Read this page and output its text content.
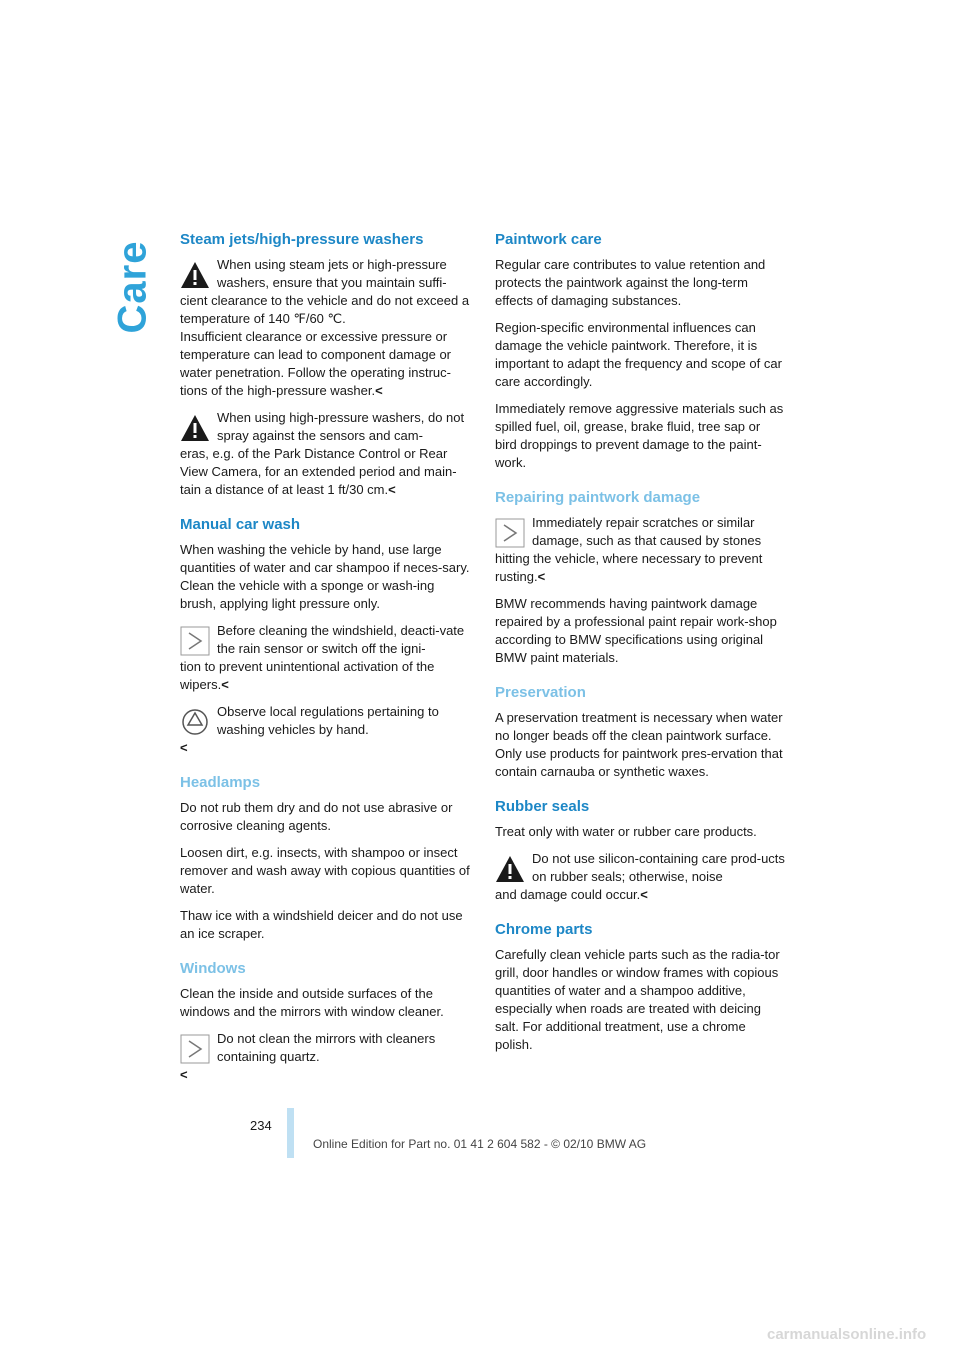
Care
Steam jets/high-pressure washers
When using steam jets or high-pressure washers, ensure that you maintain suffi-
cient clearance to the vehicle and do not exceed a temperature of 140 ℉/60 ℃.
Insufficient clearance or excessive pressure or temperature can lead to component damage or water penetration. Follow the operating instruc-tions of the high-pressure washer.<
When using high-pressure washers, do not spray against the sensors and cam-
eras, e.g. of the Park Distance Control or Rear View Camera, for an extended period and main-tain a distance of at least 1 ft/30 cm.<
Manual car wash

When washing the vehicle by hand, use large quantities of water and car shampoo if neces-sary. Clean the vehicle with a sponge or wash-ing brush, applying light pressure only.

Before cleaning the windshield, deacti-vate the rain sensor or switch off the igni-
tion to prevent unintentional activation of the wipers.<
Observe local regulations pertaining to washing vehicles by hand.
<
Headlamps

Do not rub them dry and do not use abrasive or corrosive cleaning agents.

Loosen dirt, e.g. insects, with shampoo or insect remover and wash away with copious quantities of water.

Thaw ice with a windshield deicer and do not use an ice scraper.

Windows

Clean the inside and outside surfaces of the windows and the mirrors with window cleaner.

Do not clean the mirrors with cleaners containing quartz.
<
Paintwork care

Regular care contributes to value retention and protects the paintwork against the long-term effects of damaging substances.

Region-specific environmental influences can damage the vehicle paintwork. Therefore, it is important to adapt the frequency and scope of car care accordingly.

Immediately remove aggressive materials such as spilled fuel, oil, grease, brake fluid, tree sap or bird droppings to prevent damage to the paint-work.

Repairing paintwork damage
Immediately repair scratches or similar damage, such as that caused by stones
hitting the vehicle, where necessary to prevent rusting.<

BMW recommends having paintwork damage repaired by a professional paint repair work-shop according to BMW specifications using original BMW paint materials.

Preservation

A preservation treatment is necessary when water no longer beads off the clean paintwork surface. Only use products for paintwork pres-ervation that contain carnauba or synthetic waxes.

Rubber seals

Treat only with water or rubber care products.

Do not use silicon-containing care prod-ucts on rubber seals; otherwise, noise
and damage could occur.<
Chrome parts

Carefully clean vehicle parts such as the radia-tor grill, door handles or window frames with copious quantities of water and a shampoo additive, especially when roads are treated with deicing salt. For additional treatment, use a chrome polish.

234
Online Edition for Part no. 01 41 2 604 582 - © 02/10 BMW AG
carmanualsonline.info
